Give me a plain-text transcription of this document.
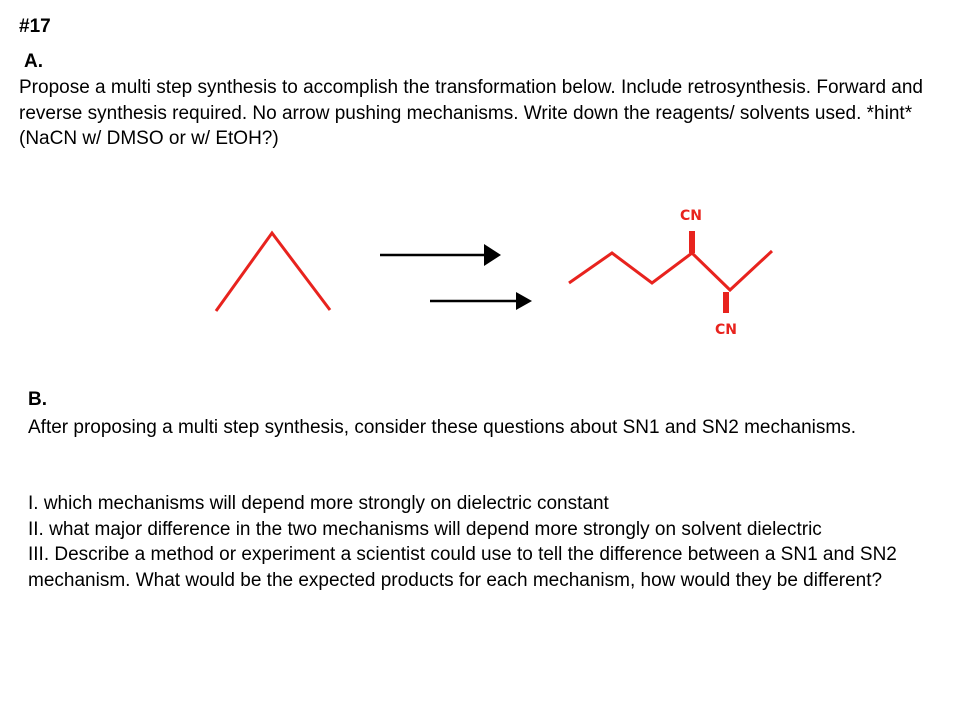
#17
A.
Propose a multi step synthesis to accomplish the transformation below. Include retrosynthesis. Forward and reverse synthesis required. No arrow pushing mechanisms. Write down the reagents/ solvents used. *hint* (NaCN w/ DMSO or w/ EtOH?)
CN
CN
B.
After proposing a multi step synthesis, consider these questions about SN1 and SN2 mechanisms.
I. which mechanisms will depend more strongly on dielectric constant
II. what major difference in the two mechanisms will depend more strongly on solvent dielectric
III. Describe a method or experiment a scientist could use to tell the difference between a SN1 and SN2 mechanism. What would be the expected products for each mechanism, how would they be different?
